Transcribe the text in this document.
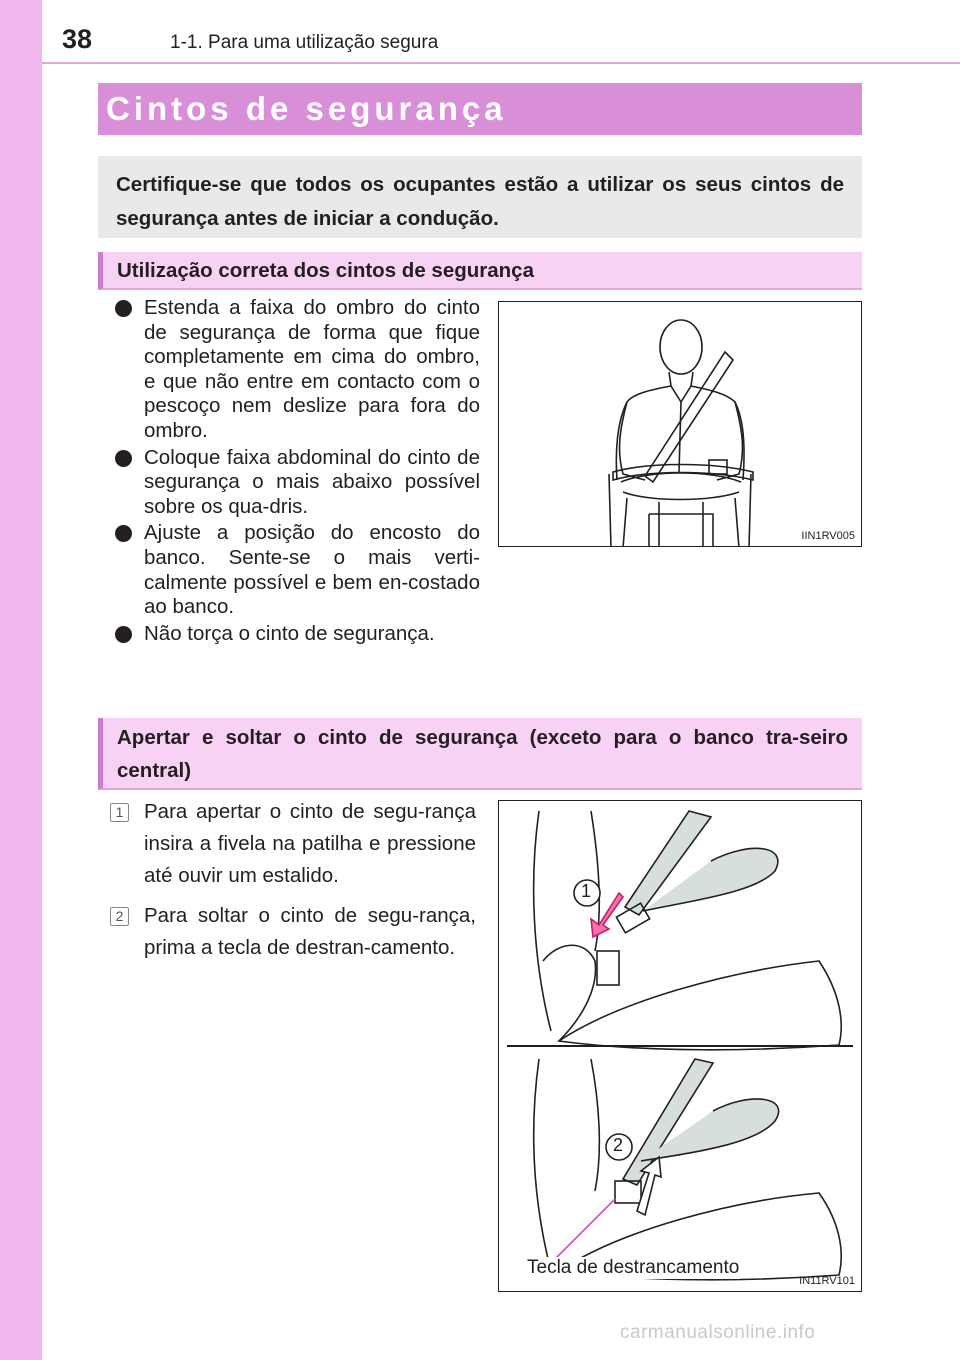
38	1-1. Para uma utilização segura
Cintos de segurança

Certifique-se que todos os ocupantes estão a utilizar os seus cintos de segurança antes de iniciar a condução.

Utilização correta dos cintos de segurança
Estenda a faixa do ombro do cinto de segurança de forma que fique completamente em cima do ombro, e que não entre em contacto com o pescoço nem deslize para fora do ombro.
Coloque faixa abdominal do cinto de segurança o mais abaixo possível sobre os qua-dris.
Ajuste a posição do encosto do banco. Sente-se o mais verti-calmente possível e bem en-costado ao banco.
Não torça o cinto de segurança.
IIN1RV005
Apertar e soltar o cinto de segurança (exceto para o banco tra-seiro central)
1 Para apertar o cinto de segu-rança insira a fivela na patilha e pressione até ouvir um estalido.
2 Para soltar o cinto de segu-rança, prima a tecla de destran-camento.
1
2
Tecla de destrancamento
IN11RV101
carmanualsonline.info
